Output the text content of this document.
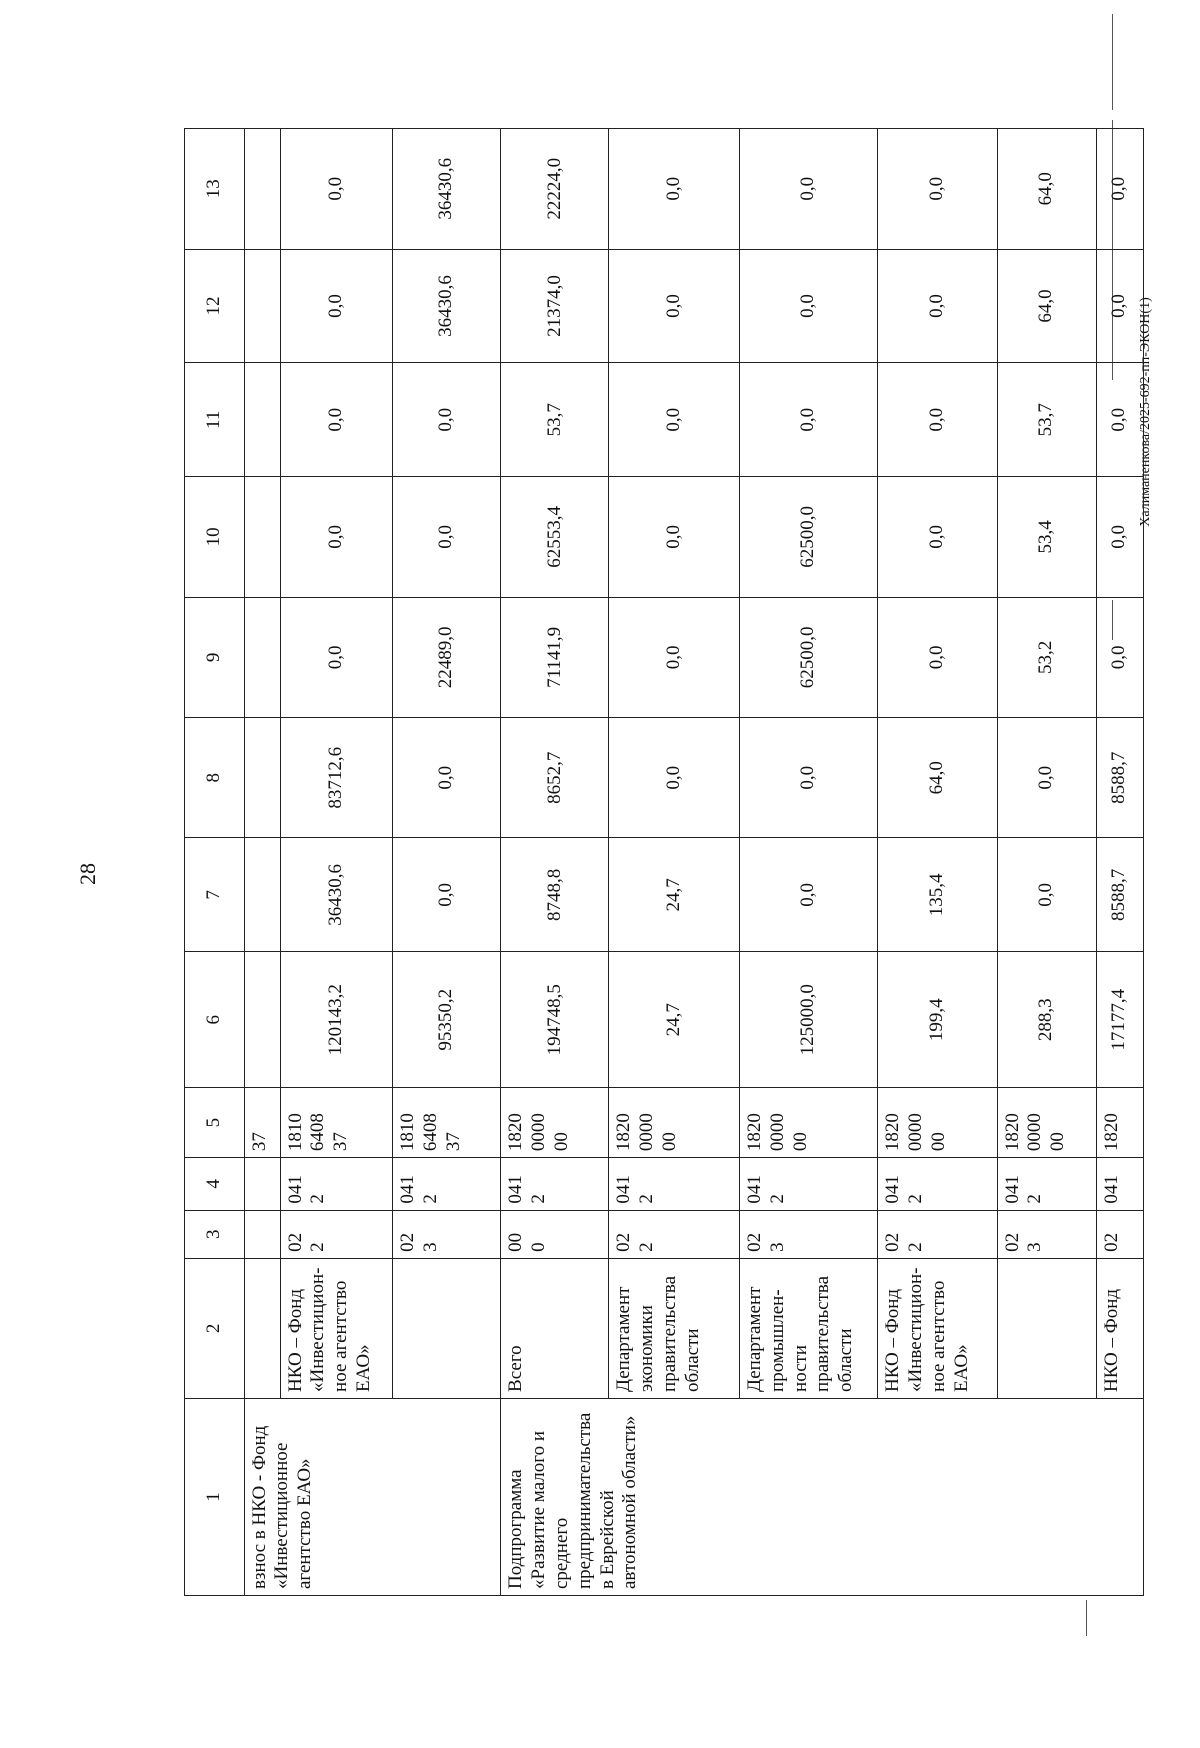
28
Халиманенкова/2025-692-пп-ЭКОН(1)
1	2	3	4	5	6	7	8	9	10	11	12	13
взнос в НКО - Фонд «Инвестиционное агентство ЕАО»				37								
	НКО – Фонд «Инвестицион-ное агентство ЕАО»	02
2	041
2	1810
6408
37	120143,2	36430,6	83712,6	0,0	0,0	0,0	0,0	0,0
		02
3	041
2	1810
6408
37	95350,2	0,0	0,0	22489,0	0,0	0,0	36430,6	36430,6
Подпрограмма «Развитие малого и среднего предпринимательства в Еврейской автономной области»	Всего	00
0	041
2	1820
0000
00	194748,5	8748,8	8652,7	71141,9	62553,4	53,7	21374,0	22224,0
	Департамент экономики правительства области	02
2	041
2	1820
0000
00	24,7	24,7	0,0	0,0	0,0	0,0	0,0	0,0
	Департамент промышлен-ности правительства области	02
3	041
2	1820
0000
00	125000,0	0,0	0,0	62500,0	62500,0	0,0	0,0	0,0
	НКО – Фонд «Инвестицион-ное агентство ЕАО»	02
2	041
2	1820
0000
00	199,4	135,4	64,0	0,0	0,0	0,0	0,0	0,0
		02
3	041
2	1820
0000
00	288,3	0,0	0,0	53,2	53,4	53,7	64,0	64,0
	НКО – Фонд	02	041	1820	17177,4	8588,7	8588,7	0,0	0,0	0,0	0,0	0,0
